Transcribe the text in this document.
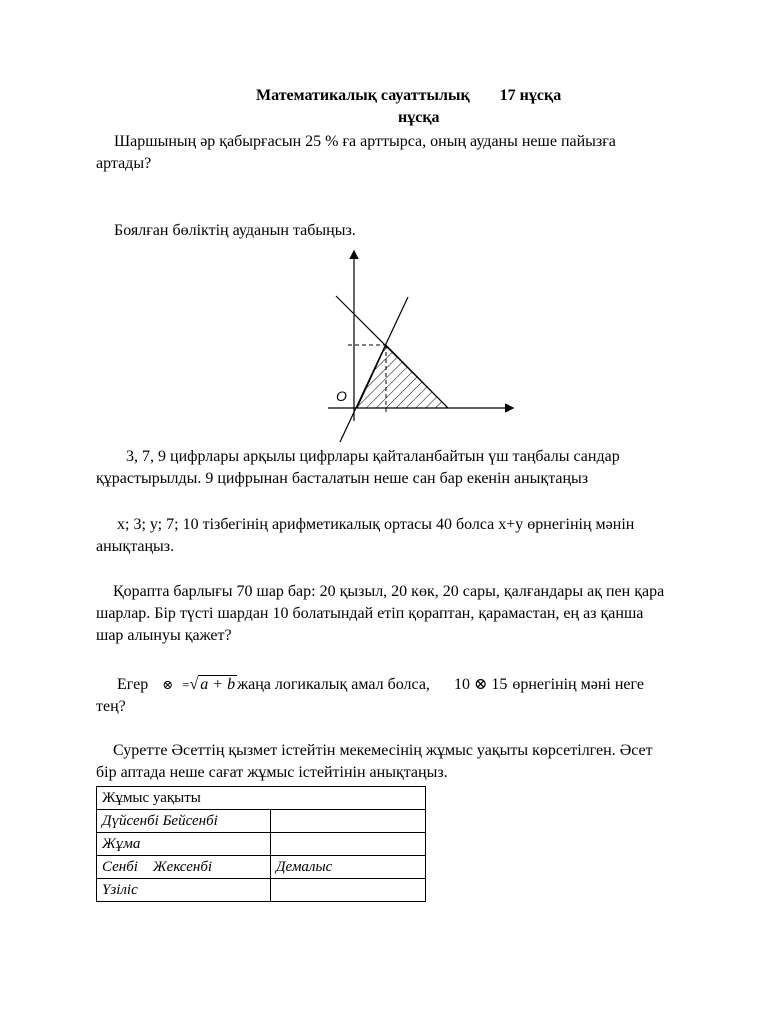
Математикалық сауаттылық 17 нұсқа
нұсқа
Шаршының әр қабырғасын 25 % ға арттырса, оның ауданы неше пайызға
артады?
Боялған бөліктің ауданын табыңыз.
O
3, 7, 9 цифрлары арқылы цифрлары қайталанбайтын үш таңбалы сандар
құрастырылды. 9 цифрынан басталатын неше сан бар екенін анықтаңыз
х; 3; у; 7; 10 тізбегінің арифметикалық ортасы 40 болса х+у өрнегінің мәнін
анықтаңыз.
Қорапта барлығы 70 шар бар: 20 қызыл, 20 көк, 20 сары, қалғандары ақ пен қара
шарлар. Бір түсті шардан 10 болатындай етіп қораптан, қарамастан, ең аз қанша
шар алынуы қажет?
Егер ⊗ =√ a + b жаңа логикалық амал болса, 10 ⊗ 15 өрнегінің мәні неге
тең?
Суретте Әсеттің қызмет істейтін мекемесінің жұмыс уақыты көрсетілген. Әсет
бір аптада неше сағат жұмыс істейтінін анықтаңыз.
Жұмыс уақыты	
Дүйсенбі Бейсенбі	
Жұма	
Сенбі    Жексенбі	Демалыс
Үзіліс	
